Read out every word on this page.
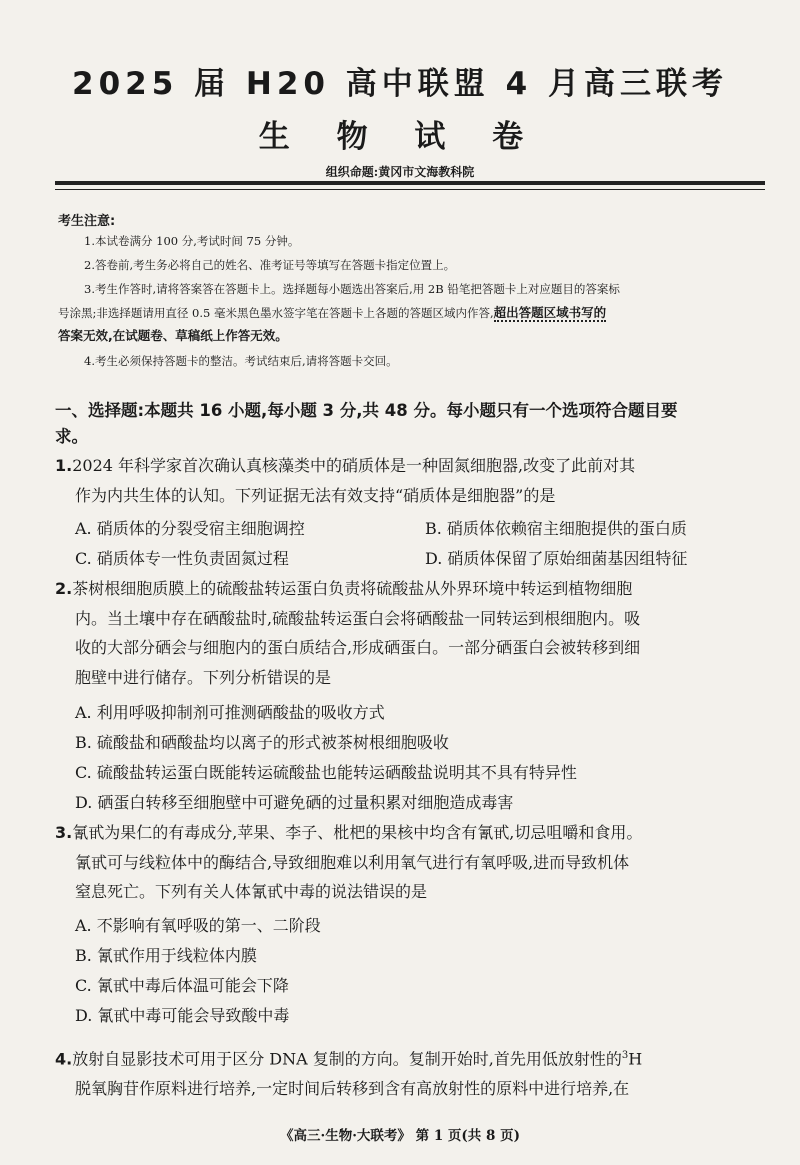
2025 届 H20 高中联盟 4 月高三联考
生 物 试 卷
组织命题:黄冈市文海教科院
考生注意:
1.本试卷满分 100 分,考试时间 75 分钟。
2.答卷前,考生务必将自己的姓名、准考证号等填写在答题卡指定位置上。
3.考生作答时,请将答案答在答题卡上。选择题每小题选出答案后,用 2B 铅笔把答题卡上对应题目的答案标
号涂黑;非选择题请用直径 0.5 毫米黑色墨水签字笔在答题卡上各题的答题区域内作答,超出答题区域书写的
答案无效,在试题卷、草稿纸上作答无效。
4.考生必须保持答题卡的整洁。考试结束后,请将答题卡交回。
一、选择题:本题共 16 小题,每小题 3 分,共 48 分。每小题只有一个选项符合题目要
求。
1.2024 年科学家首次确认真核藻类中的硝质体是一种固氮细胞器,改变了此前对其
作为内共生体的认知。下列证据无法有效支持“硝质体是细胞器”的是
A. 硝质体的分裂受宿主细胞调控	B. 硝质体依赖宿主细胞提供的蛋白质
C. 硝质体专一性负责固氮过程	D. 硝质体保留了原始细菌基因组特征
2.茶树根细胞质膜上的硫酸盐转运蛋白负责将硫酸盐从外界环境中转运到植物细胞
内。当土壤中存在硒酸盐时,硫酸盐转运蛋白会将硒酸盐一同转运到根细胞内。吸
收的大部分硒会与细胞内的蛋白质结合,形成硒蛋白。一部分硒蛋白会被转移到细
胞壁中进行储存。下列分析错误的是
A. 利用呼吸抑制剂可推测硒酸盐的吸收方式
B. 硫酸盐和硒酸盐均以离子的形式被茶树根细胞吸收
C. 硫酸盐转运蛋白既能转运硫酸盐也能转运硒酸盐说明其不具有特异性
D. 硒蛋白转移至细胞壁中可避免硒的过量积累对细胞造成毒害
3.氰甙为果仁的有毒成分,苹果、李子、枇杷的果核中均含有氰甙,切忌咀嚼和食用。
氰甙可与线粒体中的酶结合,导致细胞难以利用氧气进行有氧呼吸,进而导致机体
窒息死亡。下列有关人体氰甙中毒的说法错误的是
A. 不影响有氧呼吸的第一、二阶段
B. 氰甙作用于线粒体内膜
C. 氰甙中毒后体温可能会下降
D. 氰甙中毒可能会导致酸中毒
4.放射自显影技术可用于区分 DNA 复制的方向。复制开始时,首先用低放射性的$^3$H
脱氧胸苷作原料进行培养,一定时间后转移到含有高放射性的原料中进行培养,在
《高三·生物·大联考》 第 1 页(共 8 页)
